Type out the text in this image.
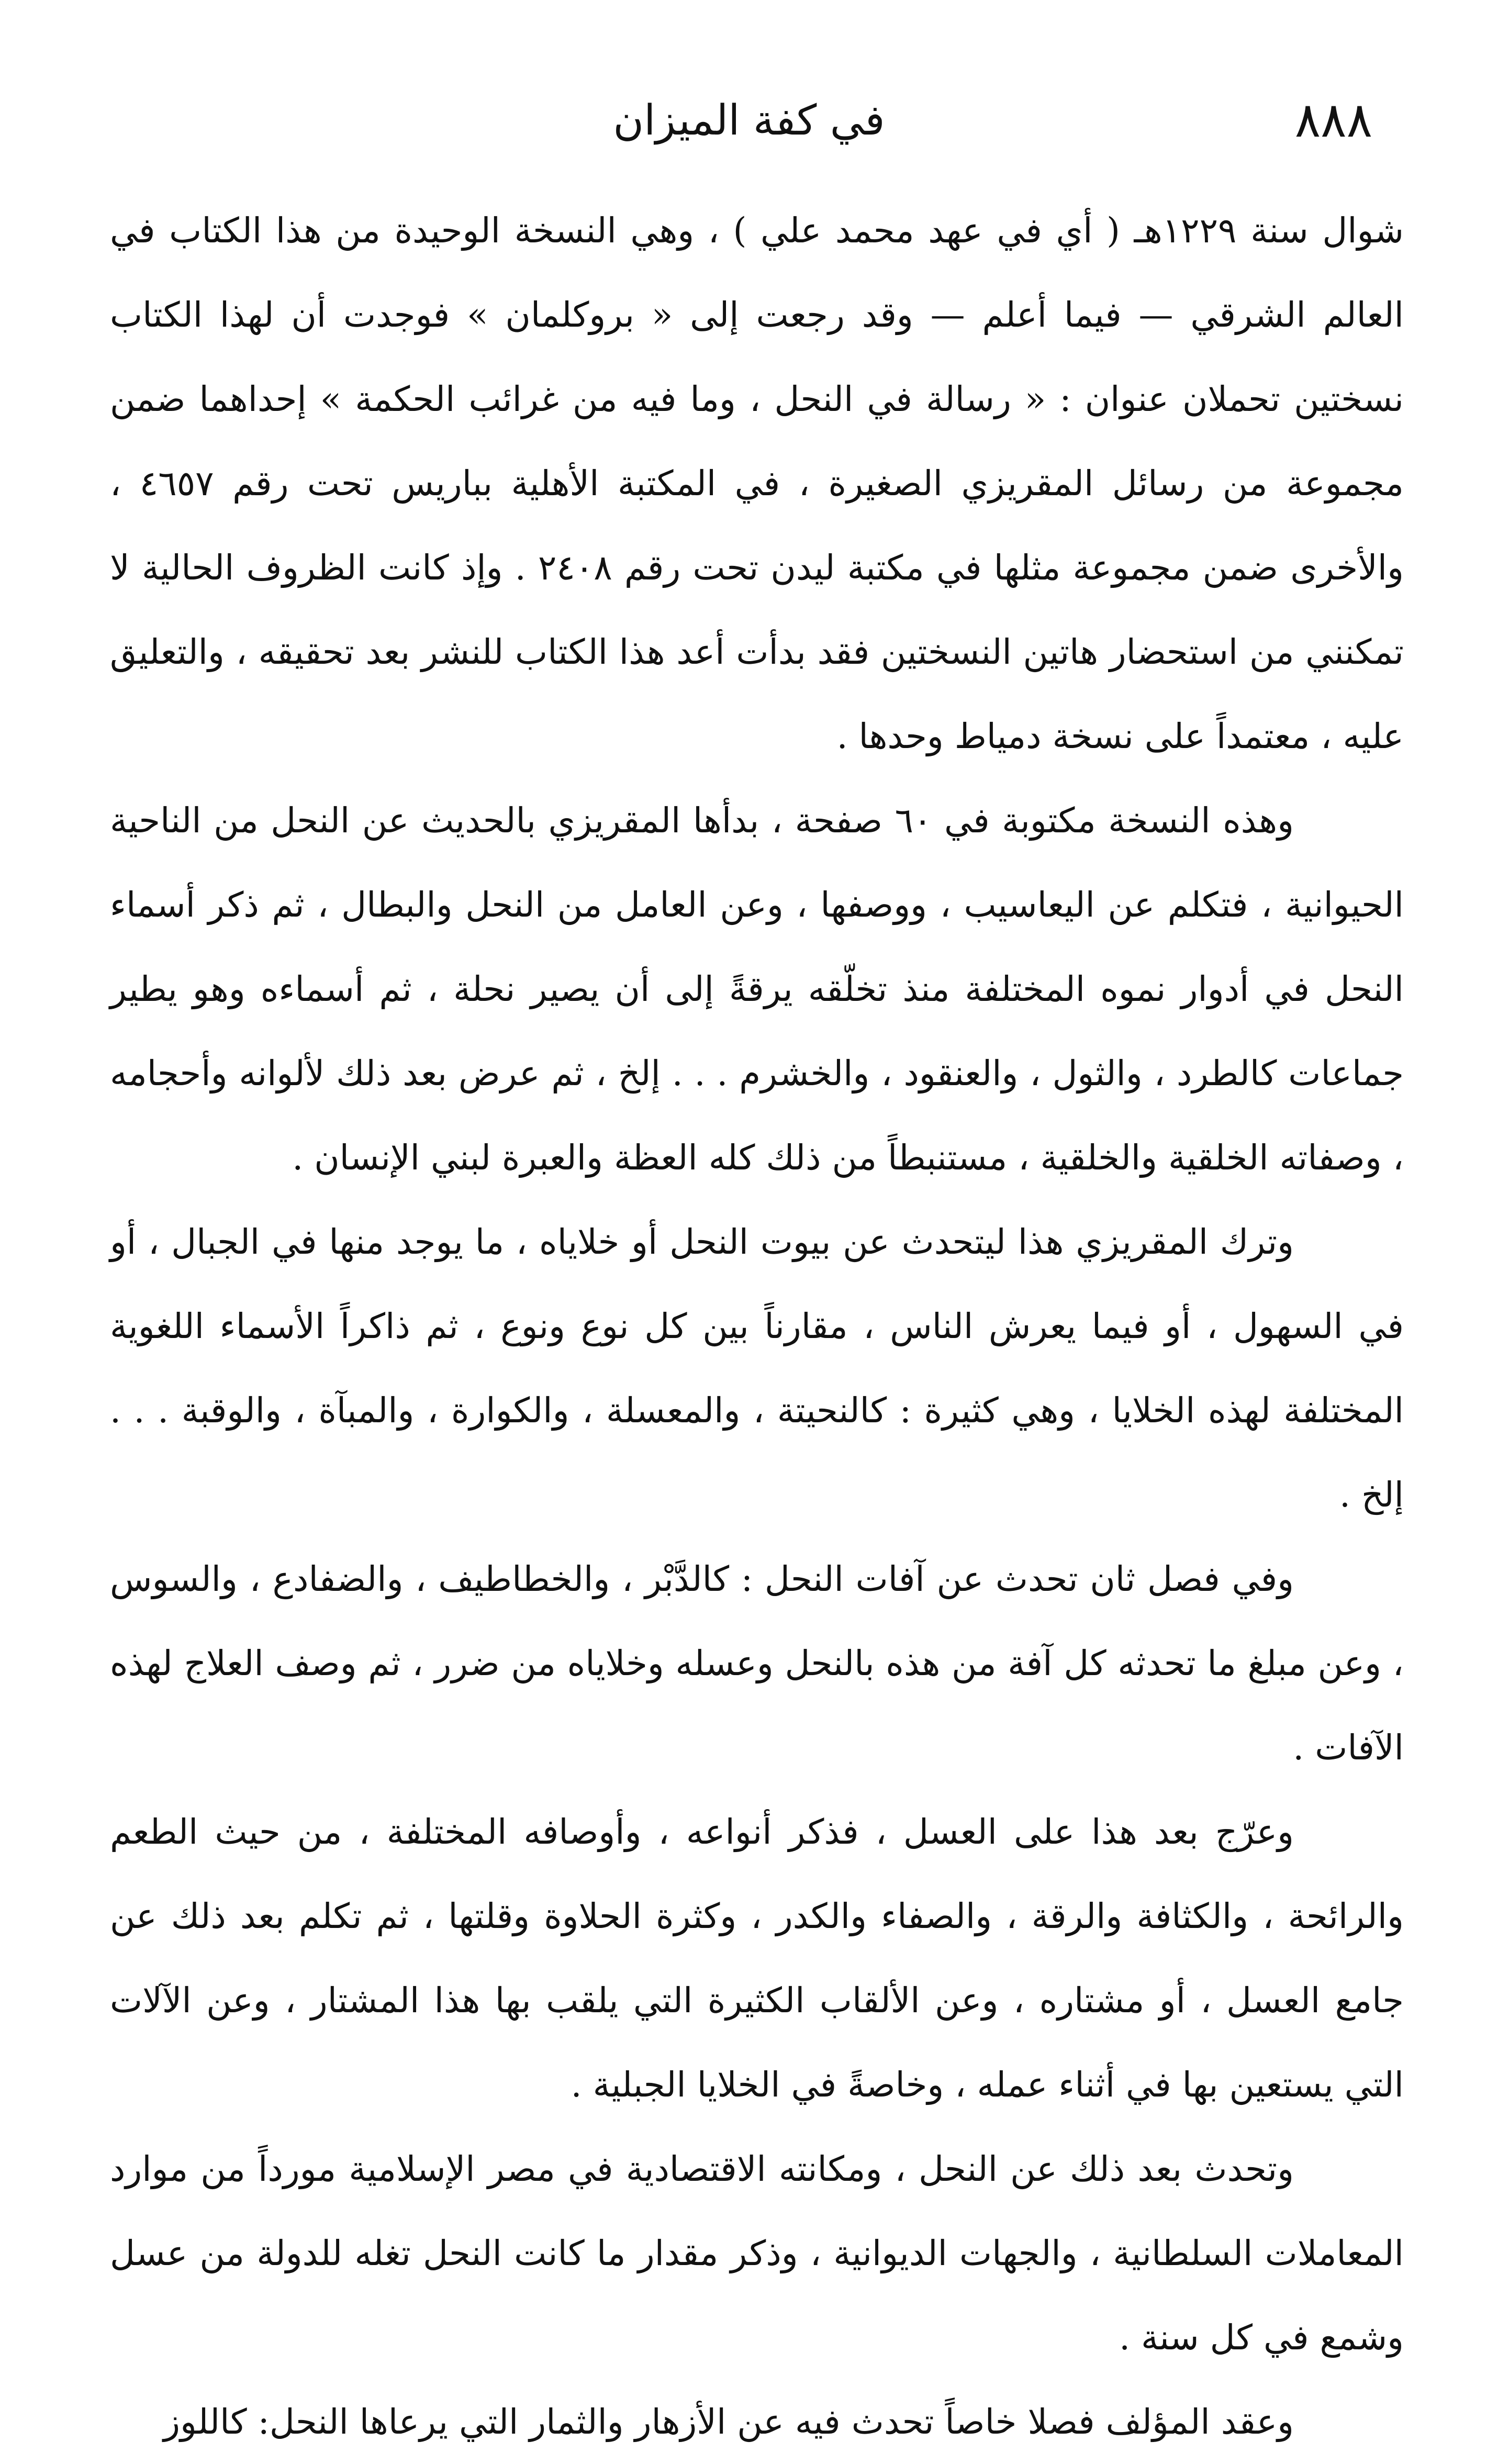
٨٨٨
في كفة الميزان

شوال سنة ١٢٢٩هـ ( أي في عهد محمد علي ) ، وهي النسخة الوحيدة من هذا الكتاب في العالم الشرقي — فيما أعلم — وقد رجعت إلى « بروكلمان » فوجدت أن لهذا الكتاب نسختين تحملان عنوان : « رسالة في النحل ، وما فيه من غرائب الحكمة » إحداهما ضمن مجموعة من رسائل المقريزي الصغيرة ، في المكتبة الأهلية بباريس تحت رقم ٤٦٥٧ ، والأخرى ضمن مجموعة مثلها في مكتبة ليدن تحت رقم ٢٤٠٨ . وإذ كانت الظروف الحالية لا تمكنني من استحضار هاتين النسختين فقد بدأت أعد هذا الكتاب للنشر بعد تحقيقه ، والتعليق عليه ، معتمداً على نسخة دمياط وحدها .

وهذه النسخة مكتوبة في ٦٠ صفحة ، بدأها المقريزي بالحديث عن النحل من الناحية الحيوانية ، فتكلم عن اليعاسيب ، ووصفها ، وعن العامل من النحل والبطال ، ثم ذكر أسماء النحل في أدوار نموه المختلفة منذ تخلّقه يرقةً إلى أن يصير نحلة ، ثم أسماءه وهو يطير جماعات كالطرد ، والثول ، والعنقود ، والخشرم . . . إلخ ، ثم عرض بعد ذلك لألوانه وأحجامه ، وصفاته الخلقية والخلقية ، مستنبطاً من ذلك كله العظة والعبرة لبني الإنسان .

وترك المقريزي هذا ليتحدث عن بيوت النحل أو خلاياه ، ما يوجد منها في الجبال ، أو في السهول ، أو فيما يعرش الناس ، مقارناً بين كل نوع ونوع ، ثم ذاكراً الأسماء اللغوية المختلفة لهذه الخلايا ، وهي كثيرة : كالنحيتة ، والمعسلة ، والكوارة ، والمبآة ، والوقبة . . . إلخ .

وفي فصل ثان تحدث عن آفات النحل : كالدَّبْر ، والخطاطيف ، والضفادع ، والسوس ، وعن مبلغ ما تحدثه كل آفة من هذه بالنحل وعسله وخلاياه من ضرر ، ثم وصف العلاج لهذه الآفات .

وعرّج بعد هذا على العسل ، فذكر أنواعه ، وأوصافه المختلفة ، من حيث الطعم والرائحة ، والكثافة والرقة ، والصفاء والكدر ، وكثرة الحلاوة وقلتها ، ثم تكلم بعد ذلك عن جامع العسل ، أو مشتاره ، وعن الألقاب الكثيرة التي يلقب بها هذا المشتار ، وعن الآلات التي يستعين بها في أثناء عمله ، وخاصةً في الخلايا الجبلية .

وتحدث بعد ذلك عن النحل ، ومكانته الاقتصادية في مصر الإسلامية مورداً من موارد المعاملات السلطانية ، والجهات الديوانية ، وذكر مقدار ما كانت النحل تغله للدولة من عسل وشمع في كل سنة .

وعقد المؤلف فصلا خاصاً تحدث فيه عن الأزهار والثمار التي يرعاها النحل: كاللوز
